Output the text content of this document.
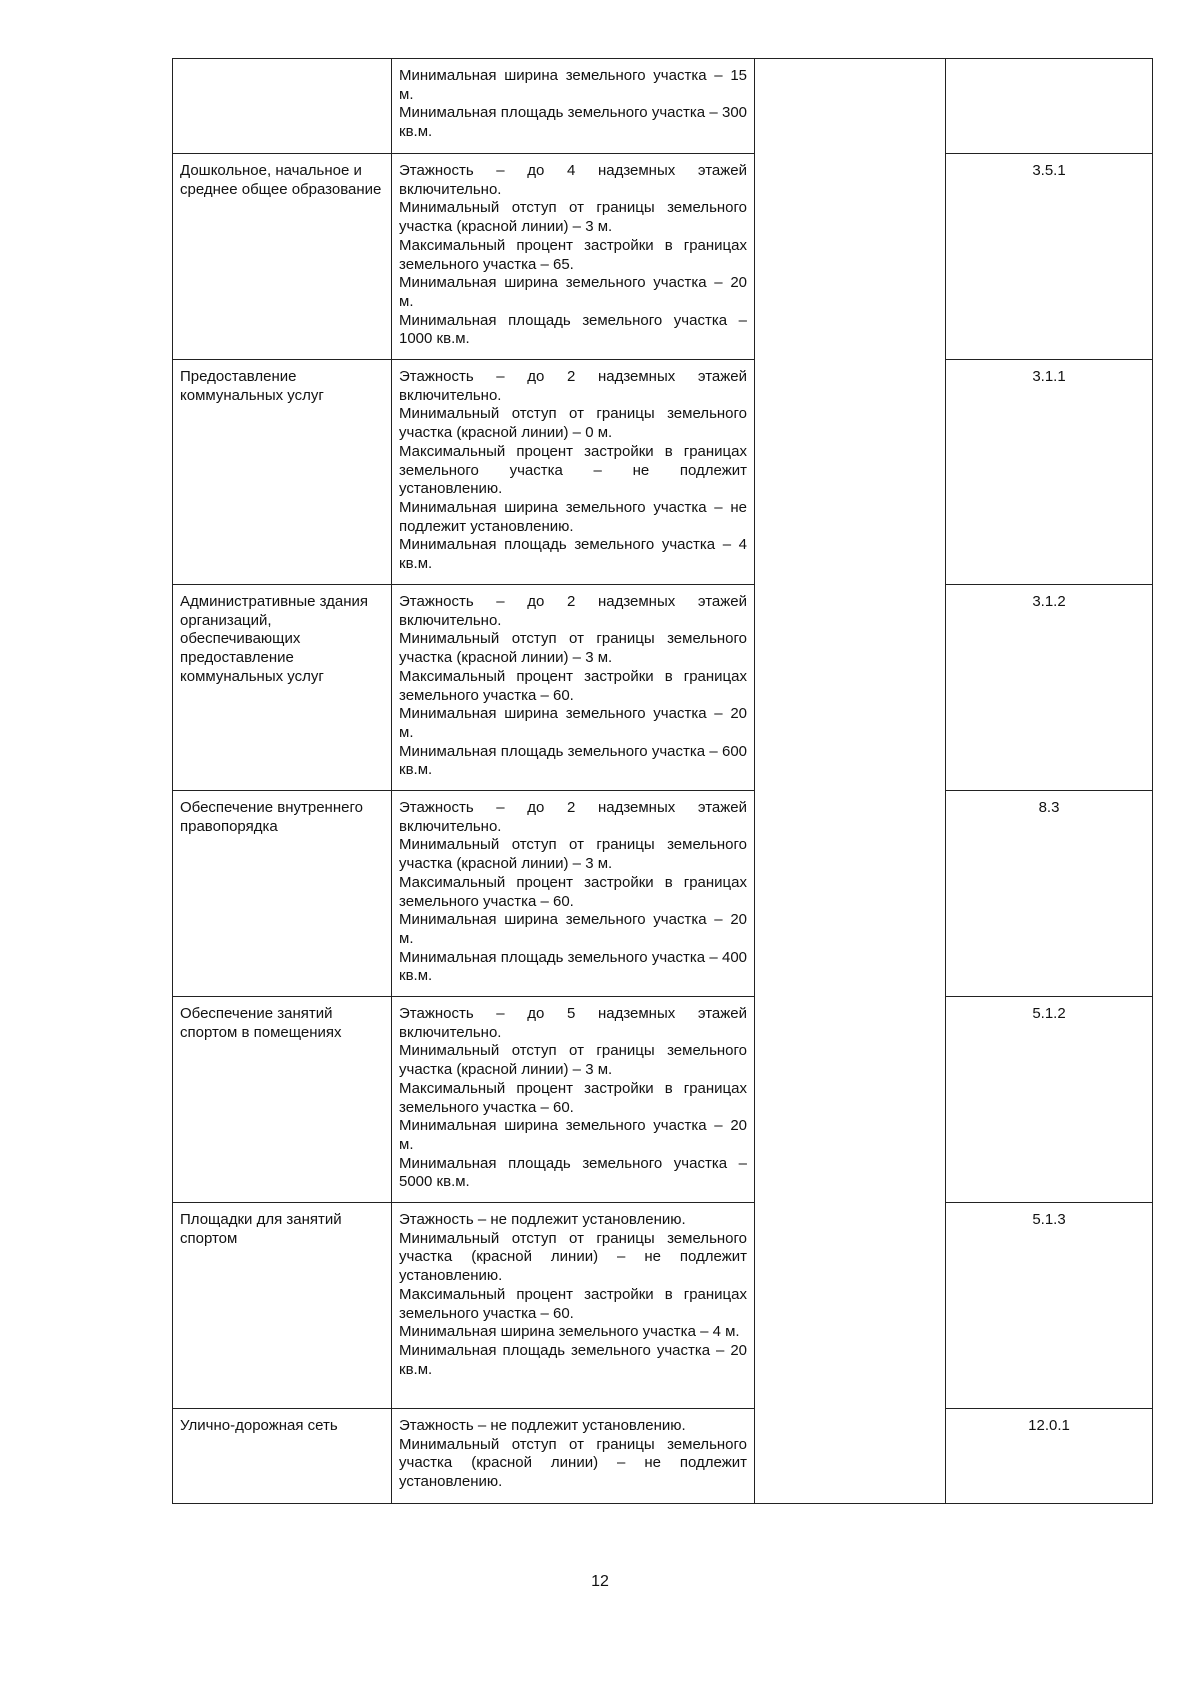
	Минимальная ширина земельного участка – 15 м.

Минимальная площадь земельного участка – 300 кв.м.		

Дошкольное, начальное и среднее общее образование	Этажность – до 4 надземных этажей включительно.

Минимальный отступ от границы земельного участка (красной линии) – 3 м.

Максимальный процент застройки в границах земельного участка – 65.

Минимальная ширина земельного участка – 20 м.

Минимальная площадь земельного участка – 1000 кв.м.		3.5.1
Предоставление коммунальных услуг	Этажность – до 2 надземных этажей включительно.

Минимальный отступ от границы земельного участка (красной линии) – 0 м.

Максимальный процент застройки в границах земельного участка – не подлежит установлению.

Минимальная ширина земельного участка – не подлежит установлению.

Минимальная площадь земельного участка – 4 кв.м.		3.1.1
Административные здания организаций, обеспечивающих предоставление коммунальных услуг	Этажность – до 2 надземных этажей включительно.

Минимальный отступ от границы земельного участка (красной линии) – 3 м.

Максимальный процент застройки в границах земельного участка – 60.

Минимальная ширина земельного участка – 20 м.

Минимальная площадь земельного участка – 600 кв.м.		3.1.2
Обеспечение внутреннего правопорядка	Этажность – до 2 надземных этажей включительно.

Минимальный отступ от границы земельного участка (красной линии) – 3 м.

Максимальный процент застройки в границах земельного участка – 60.

Минимальная ширина земельного участка – 20 м.

Минимальная площадь земельного участка – 400 кв.м.		8.3
Обеспечение занятий спортом в помещениях	Этажность – до 5 надземных этажей включительно.

Минимальный отступ от границы земельного участка (красной линии) – 3 м.

Максимальный процент застройки в границах земельного участка – 60.

Минимальная ширина земельного участка – 20 м.

Минимальная площадь земельного участка – 5000 кв.м.		5.1.2
Площадки для занятий спортом	Этажность – не подлежит установлению.

Минимальный отступ от границы земельного участка (красной линии) – не подлежит установлению.

Максимальный процент застройки в границах земельного участка – 60.

Минимальная ширина земельного участка – 4 м.

Минимальная площадь земельного участка – 20 кв.м.		5.1.3
Улично-дорожная сеть	Этажность – не подлежит установлению.

Минимальный отступ от границы земельного участка (красной линии) – не подлежит установлению.		12.0.1
12
